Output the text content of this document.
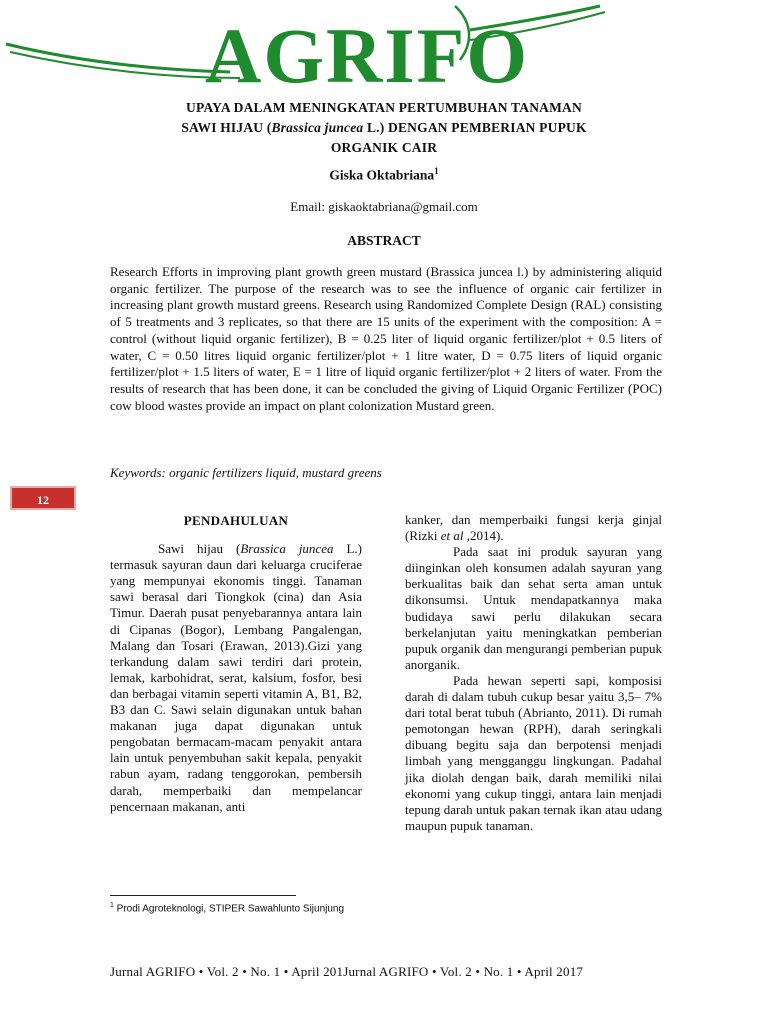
AGRIFO
UPAYA DALAM MENINGKATAN PERTUMBUHAN TANAMAN
SAWI HIJAU (Brassica juncea L.) DENGAN PEMBERIAN PUPUK
ORGANIK CAIR
Giska Oktabriana$^1$
Email: giskaoktabriana@gmail.com
ABSTRACT
Research Efforts in improving plant growth green mustard (Brassica juncea l.) by administering aliquid organic fertilizer. The purpose of the research was to see the influence of organic cair fertilizer in increasing plant growth mustard greens. Research using Randomized Complete Design (RAL) consisting of 5 treatments and 3 replicates, so that there are 15 units of the experiment with the composition: A = control (without liquid organic fertilizer), B = 0.25 liter of liquid organic fertilizer/plot + 0.5 liters of water, C = 0.50 litres liquid organic fertilizer/plot + 1 litre water, D = 0.75 liters of liquid organic fertilizer/plot + 1.5 liters of water, E = 1 litre of liquid organic fertilizer/plot + 2 liters of water. From the results of research that has been done, it can be concluded the giving of Liquid Organic Fertilizer (POC) cow blood wastes provide an impact on plant colonization Mustard green.
Keywords: organic fertilizers liquid, mustard greens
12
PENDAHULUAN

Sawi hijau (Brassica juncea L.) termasuk sayuran daun dari keluarga cruciferae yang mempunyai ekonomis tinggi. Tanaman sawi berasal dari Tiongkok (cina) dan Asia Timur. Daerah pusat penyebarannya antara lain di Cipanas (Bogor), Lembang Pangalengan, Malang dan Tosari (Erawan, 2013).Gizi yang terkandung dalam sawi terdiri dari protein, lemak, karbohidrat, serat, kalsium, fosfor, besi dan berbagai vitamin seperti vitamin A, B1, B2, B3 dan C. Sawi selain digunakan untuk bahan makanan juga dapat digunakan untuk pengobatan bermacam-macam penyakit antara lain untuk penyembuhan sakit kepala, penyakit rabun ayam, radang tenggorokan, pembersih darah, memperbaiki dan mempelancar pencernaan makanan, anti

kanker, dan memperbaiki fungsi kerja ginjal (Rizki et al ,2014).

Pada saat ini produk sayuran yang diinginkan oleh konsumen adalah sayuran yang berkualitas baik dan sehat serta aman untuk dikonsumsi. Untuk mendapatkannya maka budidaya sawi perlu dilakukan secara berkelanjutan yaitu meningkatkan pemberian pupuk organik dan mengurangi pemberian pupuk anorganik.

Pada hewan seperti sapi, komposisi darah di dalam tubuh cukup besar yaitu 3,5– 7% dari total berat tubuh (Abrianto, 2011). Di rumah pemotongan hewan (RPH), darah seringkali dibuang begitu saja dan berpotensi menjadi limbah yang mengganggu lingkungan. Padahal jika diolah dengan baik, darah memiliki nilai ekonomi yang cukup tinggi, antara lain menjadi tepung darah untuk pakan ternak ikan atau udang maupun pupuk tanaman.

$^1$ Prodi Agroteknologi, STIPER Sawahlunto Sijunjung
Jurnal AGRIFO • Vol. 2 • No. 1 • April 201Jurnal AGRIFO • Vol. 2 • No. 1 • April 2017
